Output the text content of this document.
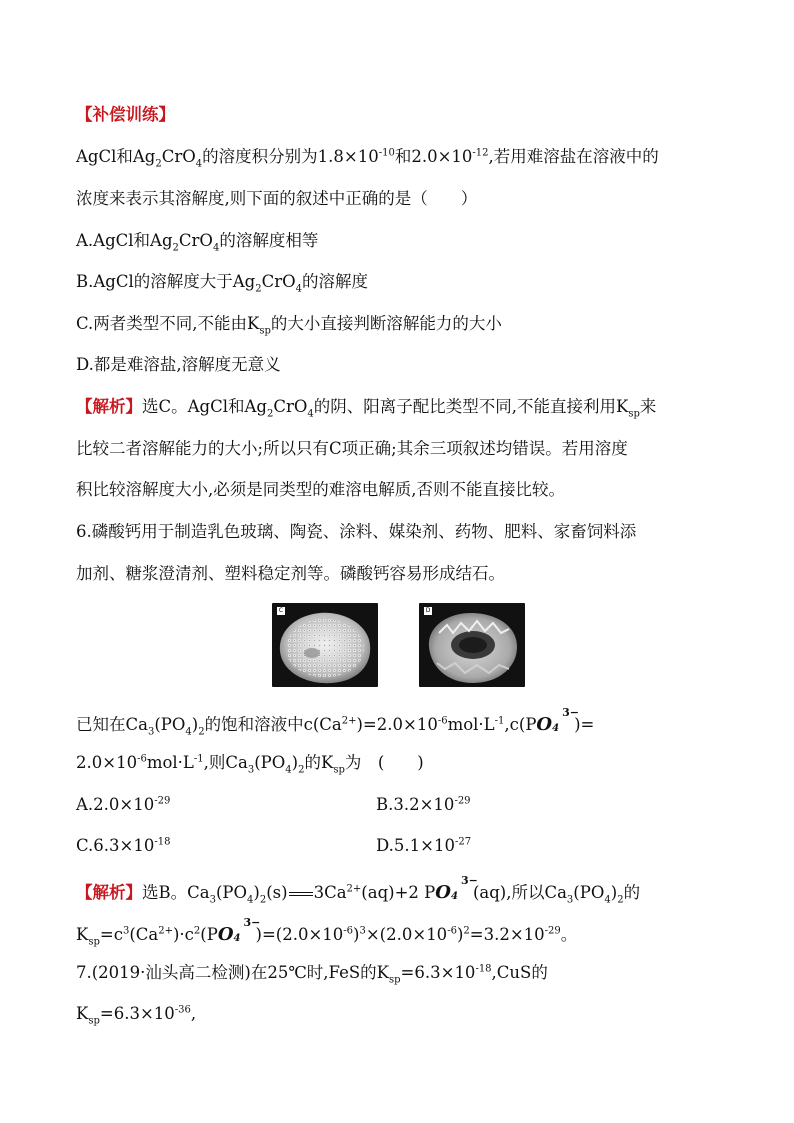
【补偿训练】
AgCl和$Ag_2CrO_4$的溶度积分别为$1.8\times 10^{-10}$和$2.0\times 10^{-12}$,若用难溶盐在溶液中的
浓度来表示其溶解度,则下面的叙述中正确的是（　　）
A.AgCl和$Ag_2CrO_4$的溶解度相等
B.AgCl的溶解度大于$Ag_2CrO_4$的溶解度
C.两者类型不同,不能由$K_{sp}$的大小直接判断溶解能力的大小
D.都是难溶盐,溶解度无意义
【解析】选C。AgCl和$Ag_2CrO_4$的阴、阳离子配比类型不同,不能直接利用$K_{sp}$来
比较二者溶解能力的大小;所以只有C项正确;其余三项叙述均错误。若用溶度
积比较溶解度大小,必须是同类型的难溶电解质,否则不能直接比较。
6.磷酸钙用于制造乳色玻璃、陶瓷、涂料、媒染剂、药物、肥料、家畜饲料添
加剂、糖浆澄清剂、塑料稳定剂等。磷酸钙容易形成结石。
C	D
已知在$Ca_3(PO_4)_2$的饱和溶液中$c(Ca^{2+})=2.0\times 10^{-6}mol\cdot L^{-1},c(PO$ 4
3−
)=
$2.0\times 10^{-6}mol\cdot L^{-1}$,则$Ca_3(PO_4)_2$的$K_{sp}$为　(　　)
$A.2.0\times 10^{-29}$	$B.3.2\times 10^{-29}$
$C.6.3\times 10^{-18}$	$D.5.1\times 10^{-27}$
【解析】选B。$Ca_3(PO_4)_2(s)$ $3Ca^{2+}(aq)+2$ PO 4
3−
(aq),所以$Ca_3(PO_4)_2$的
$K_{sp}=c^3(Ca^{2+})\cdot c^2(PO$ 4
3−
)$=(2.0\times 10^{-6})^3\times(2.0\times 10^{-6})^2=3.2\times 10^{-29}$。
7.(2019·汕头高二检测)在25℃时,FeS的$K_{sp}=6.3\times 10^{-18},CuS$的
$K_{sp}=6.3\times 10^{-36}$,
